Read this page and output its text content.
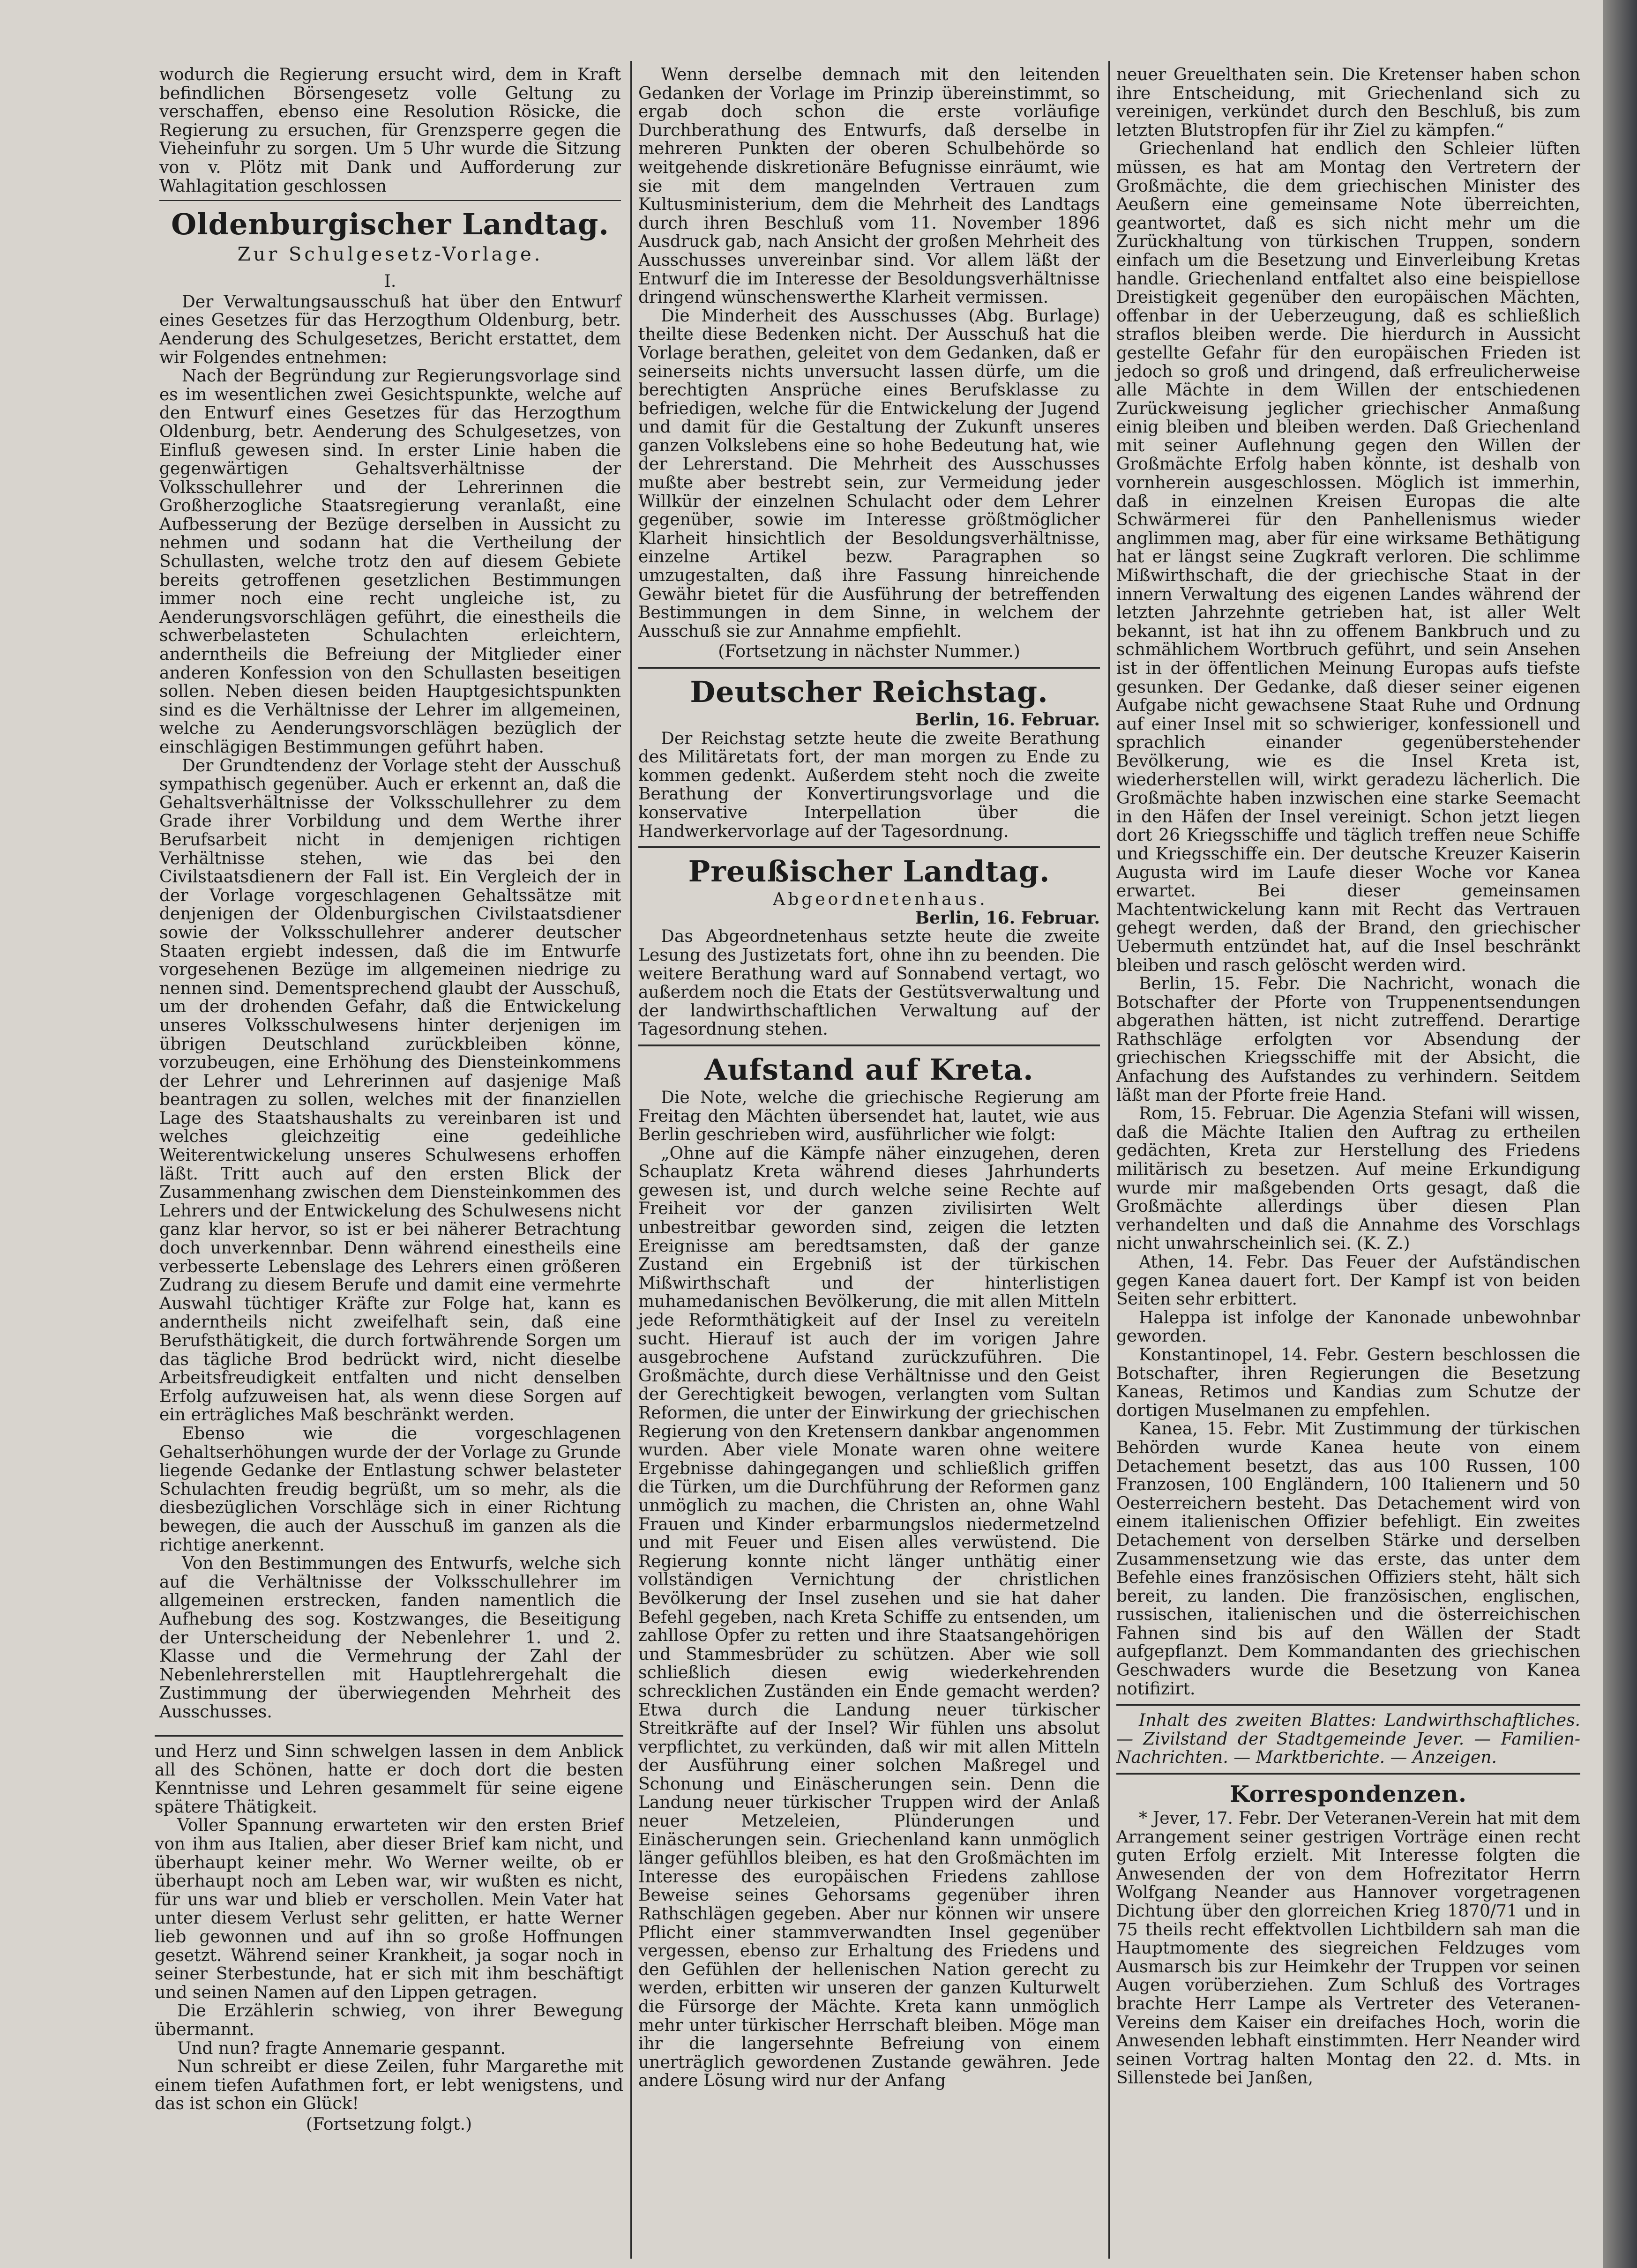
wodurch die Regierung ersucht wird, dem in Kraft befindlichen Börsengesetz volle Geltung zu verschaffen, ebenso eine Resolution Rösicke, die Regierung zu ersuchen, für Grenzsperre gegen die Vieheinfuhr zu sorgen. Um 5 Uhr wurde die Sitzung von v. Plötz mit Dank und Aufforderung zur Wahlagitation geschlossen

Oldenburgischer Landtag.
Zur Schulgesetz-Vorlage.
I.

Der Verwaltungsausschuß hat über den Entwurf eines Gesetzes für das Herzogthum Oldenburg, betr. Aenderung des Schulgesetzes, Bericht erstattet, dem wir Folgendes entnehmen:

Nach der Begründung zur Regierungsvorlage sind es im wesentlichen zwei Gesichtspunkte, welche auf den Entwurf eines Gesetzes für das Herzogthum Oldenburg, betr. Aenderung des Schulgesetzes, von Einfluß gewesen sind. In erster Linie haben die gegenwärtigen Gehaltsverhältnisse der Volksschullehrer und der Lehrerinnen die Großherzogliche Staatsregierung veranlaßt, eine Aufbesserung der Bezüge derselben in Aussicht zu nehmen und sodann hat die Vertheilung der Schullasten, welche trotz den auf diesem Gebiete bereits getroffenen gesetzlichen Bestimmungen immer noch eine recht ungleiche ist, zu Aenderungsvorschlägen geführt, die einestheils die schwerbelasteten Schulachten erleichtern, anderntheils die Befreiung der Mitglieder einer anderen Konfession von den Schullasten beseitigen sollen. Neben diesen beiden Hauptgesichtspunkten sind es die Verhältnisse der Lehrer im allgemeinen, welche zu Aenderungsvorschlägen bezüglich der einschlägigen Bestimmungen geführt haben.

Der Grundtendenz der Vorlage steht der Ausschuß sympathisch gegenüber. Auch er erkennt an, daß die Gehaltsverhältnisse der Volksschullehrer zu dem Grade ihrer Vorbildung und dem Werthe ihrer Berufsarbeit nicht in demjenigen richtigen Verhältnisse stehen, wie das bei den Civilstaatsdienern der Fall ist. Ein Vergleich der in der Vorlage vorgeschlagenen Gehaltssätze mit denjenigen der Oldenburgischen Civilstaatsdiener sowie der Volksschullehrer anderer deutscher Staaten ergiebt indessen, daß die im Entwurfe vorgesehenen Bezüge im allgemeinen niedrige zu nennen sind. Dementsprechend glaubt der Ausschuß, um der drohenden Gefahr, daß die Entwickelung unseres Volksschulwesens hinter derjenigen im übrigen Deutschland zurückbleiben könne, vorzubeugen, eine Erhöhung des Diensteinkommens der Lehrer und Lehrerinnen auf dasjenige Maß beantragen zu sollen, welches mit der finanziellen Lage des Staatshaushalts zu vereinbaren ist und welches gleichzeitig eine gedeihliche Weiterentwickelung unseres Schulwesens erhoffen läßt. Tritt auch auf den ersten Blick der Zusammenhang zwischen dem Diensteinkommen des Lehrers und der Entwickelung des Schulwesens nicht ganz klar hervor, so ist er bei näherer Betrachtung doch unverkennbar. Denn während einestheils eine verbesserte Lebenslage des Lehrers einen größeren Zudrang zu diesem Berufe und damit eine vermehrte Auswahl tüchtiger Kräfte zur Folge hat, kann es anderntheils nicht zweifelhaft sein, daß eine Berufsthätigkeit, die durch fortwährende Sorgen um das tägliche Brod bedrückt wird, nicht dieselbe Arbeitsfreudigkeit entfalten und nicht denselben Erfolg aufzuweisen hat, als wenn diese Sorgen auf ein erträgliches Maß beschränkt werden.

Ebenso wie die vorgeschlagenen Gehaltserhöhungen wurde der der Vorlage zu Grunde liegende Gedanke der Entlastung schwer belasteter Schulachten freudig begrüßt, um so mehr, als die diesbezüglichen Vorschläge sich in einer Richtung bewegen, die auch der Ausschuß im ganzen als die richtige anerkennt.

Von den Bestimmungen des Entwurfs, welche sich auf die Verhältnisse der Volksschullehrer im allgemeinen erstrecken, fanden namentlich die Aufhebung des sog. Kostzwanges, die Beseitigung der Unterscheidung der Nebenlehrer 1. und 2. Klasse und die Vermehrung der Zahl der Nebenlehrerstellen mit Hauptlehrergehalt die Zustimmung der überwiegenden Mehrheit des Ausschusses.

und Herz und Sinn schwelgen lassen in dem Anblick all des Schönen, hatte er doch dort die besten Kenntnisse und Lehren gesammelt für seine eigene spätere Thätigkeit.

Voller Spannung erwarteten wir den ersten Brief von ihm aus Italien, aber dieser Brief kam nicht, und überhaupt keiner mehr. Wo Werner weilte, ob er überhaupt noch am Leben war, wir wußten es nicht, für uns war und blieb er verschollen. Mein Vater hat unter diesem Verlust sehr gelitten, er hatte Werner lieb gewonnen und auf ihn so große Hoffnungen gesetzt. Während seiner Krankheit, ja sogar noch in seiner Sterbestunde, hat er sich mit ihm beschäftigt und seinen Namen auf den Lippen getragen.

Die Erzählerin schwieg, von ihrer Bewegung übermannt.

Und nun? fragte Annemarie gespannt.

Nun schreibt er diese Zeilen, fuhr Margarethe mit einem tiefen Aufathmen fort, er lebt wenigstens, und das ist schon ein Glück!

(Fortsetzung folgt.)

Wenn derselbe demnach mit den leitenden Gedanken der Vorlage im Prinzip übereinstimmt, so ergab doch schon die erste vorläufige Durchberathung des Entwurfs, daß derselbe in mehreren Punkten der oberen Schulbehörde so weitgehende diskretionäre Befugnisse einräumt, wie sie mit dem mangelnden Vertrauen zum Kultusministerium, dem die Mehrheit des Landtags durch ihren Beschluß vom 11. November 1896 Ausdruck gab, nach Ansicht der großen Mehrheit des Ausschusses unvereinbar sind. Vor allem läßt der Entwurf die im Interesse der Besoldungsverhältnisse dringend wünschenswerthe Klarheit vermissen.

Die Minderheit des Ausschusses (Abg. Burlage) theilte diese Bedenken nicht. Der Ausschuß hat die Vorlage berathen, geleitet von dem Gedanken, daß er seinerseits nichts unversucht lassen dürfe, um die berechtigten Ansprüche eines Berufsklasse zu befriedigen, welche für die Entwickelung der Jugend und damit für die Gestaltung der Zukunft unseres ganzen Volkslebens eine so hohe Bedeutung hat, wie der Lehrerstand. Die Mehrheit des Ausschusses mußte aber bestrebt sein, zur Vermeidung jeder Willkür der einzelnen Schulacht oder dem Lehrer gegenüber, sowie im Interesse größtmöglicher Klarheit hinsichtlich der Besoldungsverhältnisse, einzelne Artikel bezw. Paragraphen so umzugestalten, daß ihre Fassung hinreichende Gewähr bietet für die Ausführung der betreffenden Bestimmungen in dem Sinne, in welchem der Ausschuß sie zur Annahme empfiehlt.

(Fortsetzung in nächster Nummer.)
Deutscher Reichstag.

Berlin, 16. Februar.

Der Reichstag setzte heute die zweite Berathung des Militäretats fort, der man morgen zu Ende zu kommen gedenkt. Außerdem steht noch die zweite Berathung der Konvertirungsvorlage und die konservative Interpellation über die Handwerkervorlage auf der Tagesordnung.

Preußischer Landtag.

Abgeordnetenhaus.

Berlin, 16. Februar.

Das Abgeordnetenhaus setzte heute die zweite Lesung des Justizetats fort, ohne ihn zu beenden. Die weitere Berathung ward auf Sonnabend vertagt, wo außerdem noch die Etats der Gestütsverwaltung und der landwirthschaftlichen Verwaltung auf der Tagesordnung stehen.

Aufstand auf Kreta.

Die Note, welche die griechische Regierung am Freitag den Mächten übersendet hat, lautet, wie aus Berlin geschrieben wird, ausführlicher wie folgt:

„Ohne auf die Kämpfe näher einzugehen, deren Schauplatz Kreta während dieses Jahrhunderts gewesen ist, und durch welche seine Rechte auf Freiheit vor der ganzen zivilisirten Welt unbestreitbar geworden sind, zeigen die letzten Ereignisse am beredtsamsten, daß der ganze Zustand ein Ergebniß ist der türkischen Mißwirthschaft und der hinterlistigen muhamedanischen Bevölkerung, die mit allen Mitteln jede Reformthätigkeit auf der Insel zu vereiteln sucht. Hierauf ist auch der im vorigen Jahre ausgebrochene Aufstand zurückzuführen. Die Großmächte, durch diese Verhältnisse und den Geist der Gerechtigkeit bewogen, verlangten vom Sultan Reformen, die unter der Einwirkung der griechischen Regierung von den Kretensern dankbar angenommen wurden. Aber viele Monate waren ohne weitere Ergebnisse dahingegangen und schließlich griffen die Türken, um die Durchführung der Reformen ganz unmöglich zu machen, die Christen an, ohne Wahl Frauen und Kinder erbarmungslos niedermetzelnd und mit Feuer und Eisen alles verwüstend. Die Regierung konnte nicht länger unthätig einer vollständigen Vernichtung der christlichen Bevölkerung der Insel zusehen und sie hat daher Befehl gegeben, nach Kreta Schiffe zu entsenden, um zahllose Opfer zu retten und ihre Staatsangehörigen und Stammesbrüder zu schützen. Aber wie soll schließlich diesen ewig wiederkehrenden schrecklichen Zuständen ein Ende gemacht werden? Etwa durch die Landung neuer türkischer Streitkräfte auf der Insel? Wir fühlen uns absolut verpflichtet, zu verkünden, daß wir mit allen Mitteln der Ausführung einer solchen Maßregel und Schonung und Einäscherungen sein. Denn die Landung neuer türkischer Truppen wird der Anlaß neuer Metzeleien, Plünderungen und Einäscherungen sein. Griechenland kann unmöglich länger gefühllos bleiben, es hat den Großmächten im Interesse des europäischen Friedens zahllose Beweise seines Gehorsams gegenüber ihren Rathschlägen gegeben. Aber nur können wir unsere Pflicht einer stammverwandten Insel gegenüber vergessen, ebenso zur Erhaltung des Friedens und den Gefühlen der hellenischen Nation gerecht zu werden, erbitten wir unseren der ganzen Kulturwelt die Fürsorge der Mächte. Kreta kann unmöglich mehr unter türkischer Herrschaft bleiben. Möge man ihr die langersehnte Befreiung von einem unerträglich gewordenen Zustande gewähren. Jede andere Lösung wird nur der Anfang

neuer Greuelthaten sein. Die Kretenser haben schon ihre Entscheidung, mit Griechenland sich zu vereinigen, verkündet durch den Beschluß, bis zum letzten Blutstropfen für ihr Ziel zu kämpfen.“

Griechenland hat endlich den Schleier lüften müssen, es hat am Montag den Vertretern der Großmächte, die dem griechischen Minister des Aeußern eine gemeinsame Note überreichten, geantwortet, daß es sich nicht mehr um die Zurückhaltung von türkischen Truppen, sondern einfach um die Besetzung und Einverleibung Kretas handle. Griechenland entfaltet also eine beispiellose Dreistigkeit gegenüber den europäischen Mächten, offenbar in der Ueberzeugung, daß es schließlich straflos bleiben werde. Die hierdurch in Aussicht gestellte Gefahr für den europäischen Frieden ist jedoch so groß und dringend, daß erfreulicherweise alle Mächte in dem Willen der entschiedenen Zurückweisung jeglicher griechischer Anmaßung einig bleiben und bleiben werden. Daß Griechenland mit seiner Auflehnung gegen den Willen der Großmächte Erfolg haben könnte, ist deshalb von vornherein ausgeschlossen. Möglich ist immerhin, daß in einzelnen Kreisen Europas die alte Schwärmerei für den Panhellenismus wieder anglimmen mag, aber für eine wirksame Bethätigung hat er längst seine Zugkraft verloren. Die schlimme Mißwirthschaft, die der griechische Staat in der innern Verwaltung des eigenen Landes während der letzten Jahrzehnte getrieben hat, ist aller Welt bekannt, ist hat ihn zu offenem Bankbruch und zu schmählichem Wortbruch geführt, und sein Ansehen ist in der öffentlichen Meinung Europas aufs tiefste gesunken. Der Gedanke, daß dieser seiner eigenen Aufgabe nicht gewachsene Staat Ruhe und Ordnung auf einer Insel mit so schwieriger, konfessionell und sprachlich einander gegenüberstehender Bevölkerung, wie es die Insel Kreta ist, wiederherstellen will, wirkt geradezu lächerlich. Die Großmächte haben inzwischen eine starke Seemacht in den Häfen der Insel vereinigt. Schon jetzt liegen dort 26 Kriegsschiffe und täglich treffen neue Schiffe und Kriegsschiffe ein. Der deutsche Kreuzer Kaiserin Augusta wird im Laufe dieser Woche vor Kanea erwartet. Bei dieser gemeinsamen Machtentwickelung kann mit Recht das Vertrauen gehegt werden, daß der Brand, den griechischer Uebermuth entzündet hat, auf die Insel beschränkt bleiben und rasch gelöscht werden wird.

Berlin, 15. Febr. Die Nachricht, wonach die Botschafter der Pforte von Truppenentsendungen abgerathen hätten, ist nicht zutreffend. Derartige Rathschläge erfolgten vor Absendung der griechischen Kriegsschiffe mit der Absicht, die Anfachung des Aufstandes zu verhindern. Seitdem läßt man der Pforte freie Hand.

Rom, 15. Februar. Die Agenzia Stefani will wissen, daß die Mächte Italien den Auftrag zu ertheilen gedächten, Kreta zur Herstellung des Friedens militärisch zu besetzen. Auf meine Erkundigung wurde mir maßgebenden Orts gesagt, daß die Großmächte allerdings über diesen Plan verhandelten und daß die Annahme des Vorschlags nicht unwahrscheinlich sei. (K. Z.)

Athen, 14. Febr. Das Feuer der Aufständischen gegen Kanea dauert fort. Der Kampf ist von beiden Seiten sehr erbittert.

Haleppa ist infolge der Kanonade unbewohnbar geworden.

Konstantinopel, 14. Febr. Gestern beschlossen die Botschafter, ihren Regierungen die Besetzung Kaneas, Retimos und Kandias zum Schutze der dortigen Muselmanen zu empfehlen.

Kanea, 15. Febr. Mit Zustimmung der türkischen Behörden wurde Kanea heute von einem Detachement besetzt, das aus 100 Russen, 100 Franzosen, 100 Engländern, 100 Italienern und 50 Oesterreichern besteht. Das Detachement wird von einem italienischen Offizier befehligt. Ein zweites Detachement von derselben Stärke und derselben Zusammensetzung wie das erste, das unter dem Befehle eines französischen Offiziers steht, hält sich bereit, zu landen. Die französischen, englischen, russischen, italienischen und die österreichischen Fahnen sind bis auf den Wällen der Stadt aufgepflanzt. Dem Kommandanten des griechischen Geschwaders wurde die Besetzung von Kanea notifizirt.

Inhalt des zweiten Blattes: Landwirthschaftliches. — Zivilstand der Stadtgemeinde Jever. — Familien-Nachrichten. — Marktberichte. — Anzeigen.

Korrespondenzen.

* Jever, 17. Febr. Der Veteranen-Verein hat mit dem Arrangement seiner gestrigen Vorträge einen recht guten Erfolg erzielt. Mit Interesse folgten die Anwesenden der von dem Hofrezitator Herrn Wolfgang Neander aus Hannover vorgetragenen Dichtung über den glorreichen Krieg 1870/71 und in 75 theils recht effektvollen Lichtbildern sah man die Hauptmomente des siegreichen Feldzuges vom Ausmarsch bis zur Heimkehr der Truppen vor seinen Augen vorüberziehen. Zum Schluß des Vortrages brachte Herr Lampe als Vertreter des Veteranen-Vereins dem Kaiser ein dreifaches Hoch, worin die Anwesenden lebhaft einstimmten. Herr Neander wird seinen Vortrag halten Montag den 22. d. Mts. in Sillenstede bei Janßen,
